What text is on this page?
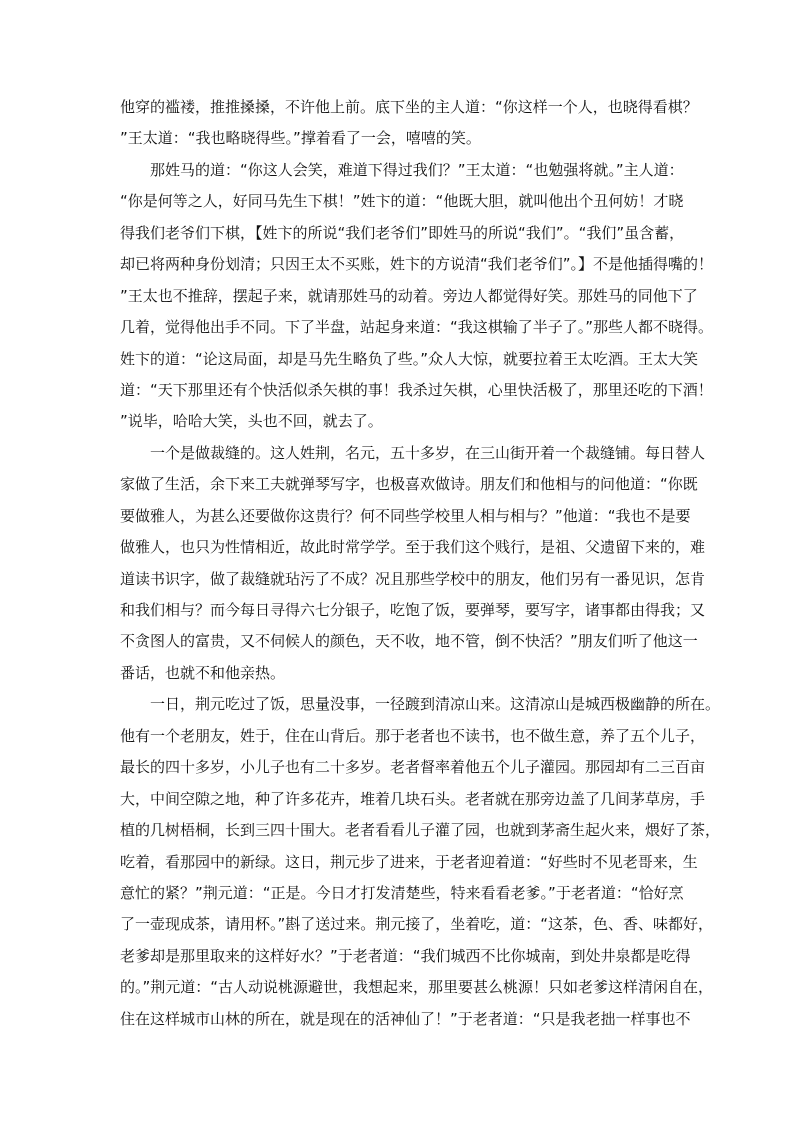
他穿的褴褛，推推搡搡，不许他上前。底下坐的主人道：“你这样一个人，也晓得看棋？
”王太道：“我也略晓得些。”撑着看了一会，嘻嘻的笑。
那姓马的道：“你这人会笑，难道下得过我们？”王太道：“也勉强将就。”主人道：
“你是何等之人，好同马先生下棋！”姓卞的道：“他既大胆，就叫他出个丑何妨！才晓
得我们老爷们下棋，【姓卞的所说“我们老爷们”即姓马的所说“我们”。“我们”虽含蓄，
却已将两种身份划清；只因王太不买账，姓卞的方说清“我们老爷们”。】不是他插得嘴的！
”王太也不推辞，摆起子来，就请那姓马的动着。旁边人都觉得好笑。那姓马的同他下了
几着，觉得他出手不同。下了半盘，站起身来道：“我这棋输了半子了。”那些人都不晓得。
姓卞的道：“论这局面，却是马先生略负了些。”众人大惊，就要拉着王太吃酒。王太大笑
道：“天下那里还有个快活似杀矢棋的事！我杀过矢棋，心里快活极了，那里还吃的下酒！
”说毕，哈哈大笑，头也不回，就去了。
一个是做裁缝的。这人姓荆，名元，五十多岁，在三山街开着一个裁缝铺。每日替人
家做了生活，余下来工夫就弹琴写字，也极喜欢做诗。朋友们和他相与的问他道：“你既
要做雅人，为甚么还要做你这贵行？何不同些学校里人相与相与？”他道：“我也不是要
做雅人，也只为性情相近，故此时常学学。至于我们这个贱行，是祖、父遗留下来的，难
道读书识字，做了裁缝就玷污了不成？况且那些学校中的朋友，他们另有一番见识，怎肯
和我们相与？而今每日寻得六七分银子，吃饱了饭，要弹琴，要写字，诸事都由得我；又
不贪图人的富贵，又不伺候人的颜色，天不收，地不管，倒不快活？”朋友们听了他这一
番话，也就不和他亲热。
一日，荆元吃过了饭，思量没事，一径踱到清凉山来。这清凉山是城西极幽静的所在。
他有一个老朋友，姓于，住在山背后。那于老者也不读书，也不做生意，养了五个儿子，
最长的四十多岁，小儿子也有二十多岁。老者督率着他五个儿子灌园。那园却有二三百亩
大，中间空隙之地，种了许多花卉，堆着几块石头。老者就在那旁边盖了几间茅草房，手
植的几树梧桐，长到三四十围大。老者看看儿子灌了园，也就到茅斋生起火来，煨好了茶，
吃着，看那园中的新绿。这日，荆元步了进来，于老者迎着道：“好些时不见老哥来，生
意忙的紧？”荆元道：“正是。今日才打发清楚些，特来看看老爹。”于老者道：“恰好烹
了一壶现成茶，请用杯。”斟了送过来。荆元接了，坐着吃，道：“这茶，色、香、味都好，
老爹却是那里取来的这样好水？”于老者道：“我们城西不比你城南，到处井泉都是吃得
的。”荆元道：“古人动说桃源避世，我想起来，那里要甚么桃源！只如老爹这样清闲自在，
住在这样城市山林的所在，就是现在的活神仙了！”于老者道：“只是我老拙一样事也不
